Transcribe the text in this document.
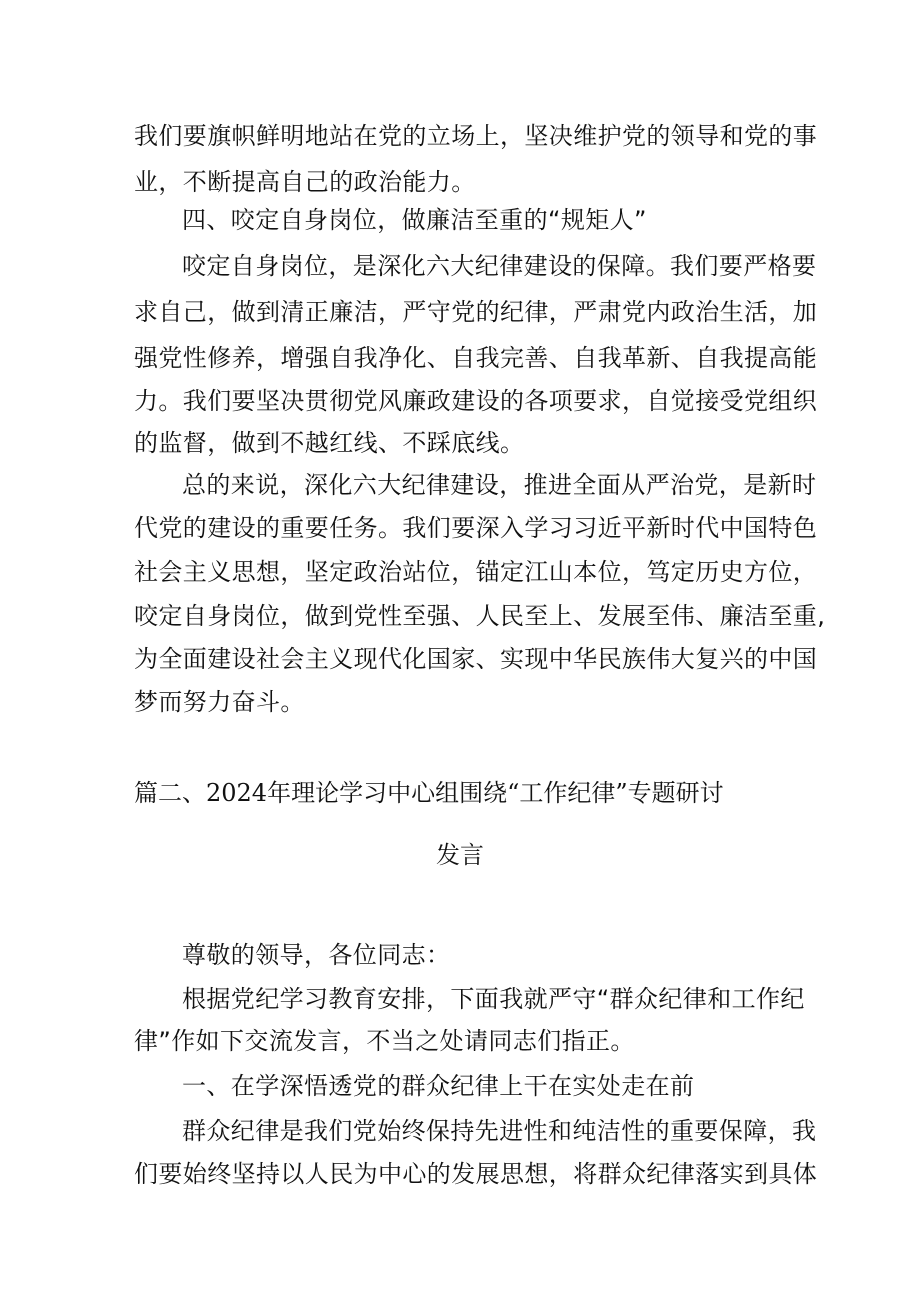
我们要旗帜鲜明地站在党的立场上，坚决维护党的领导和党的事
业，不断提高自己的政治能力。
四、咬定自身岗位，做廉洁至重的“规矩人”
咬定自身岗位，是深化六大纪律建设的保障。我们要严格要
求自己，做到清正廉洁，严守党的纪律，严肃党内政治生活，加
强党性修养，增强自我净化、自我完善、自我革新、自我提高能
力。我们要坚决贯彻党风廉政建设的各项要求，自觉接受党组织
的监督，做到不越红线、不踩底线。
总的来说，深化六大纪律建设，推进全面从严治党，是新时
代党的建设的重要任务。我们要深入学习习近平新时代中国特色
社会主义思想，坚定政治站位，锚定江山本位，笃定历史方位，
咬定自身岗位，做到党性至强、人民至上、发展至伟、廉洁至重,
为全面建设社会主义现代化国家、实现中华民族伟大复兴的中国
梦而努力奋斗。
篇二、2024年理论学习中心组围绕“工作纪律”专题研讨
发言
尊敬的领导，各位同志：
根据党纪学习教育安排，下面我就严守“群众纪律和工作纪
律”作如下交流发言，不当之处请同志们指正。
一、在学深悟透党的群众纪律上干在实处走在前
群众纪律是我们党始终保持先进性和纯洁性的重要保障，我
们要始终坚持以人民为中心的发展思想，将群众纪律落实到具体
